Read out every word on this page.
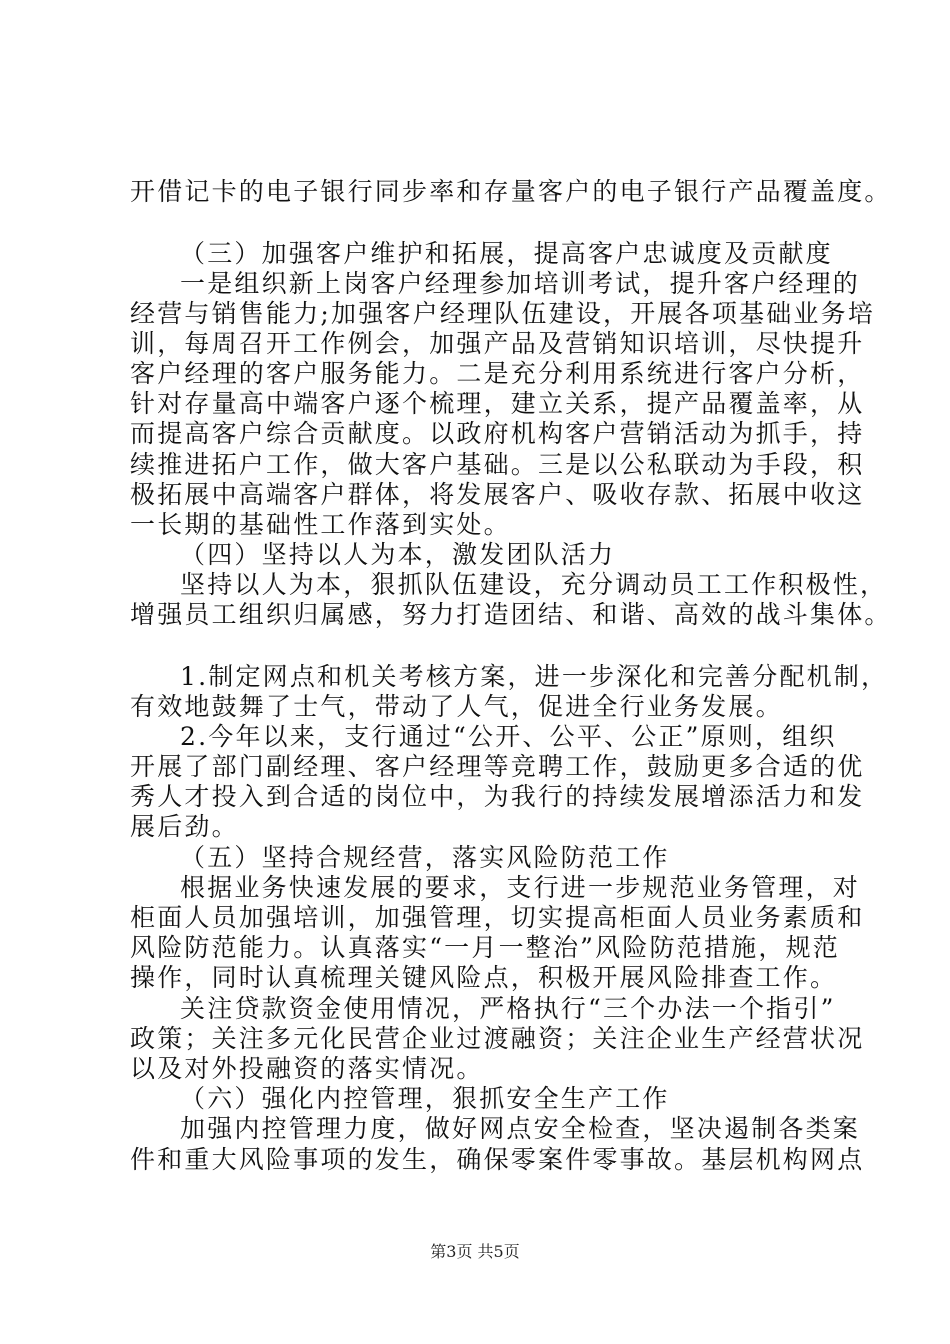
开借记卡的电子银行同步率和存量客户的电子银行产品覆盖度。
（三）加强客户维护和拓展，提高客户忠诚度及贡献度
一是组织新上岗客户经理参加培训考试，提升客户经理的
经营与销售能力;加强客户经理队伍建设，开展各项基础业务培
训，每周召开工作例会，加强产品及营销知识培训，尽快提升
客户经理的客户服务能力。二是充分利用系统进行客户分析，
针对存量高中端客户逐个梳理，建立关系，提产品覆盖率，从
而提高客户综合贡献度。以政府机构客户营销活动为抓手，持
续推进拓户工作，做大客户基础。三是以公私联动为手段，积
极拓展中高端客户群体，将发展客户、吸收存款、拓展中收这
一长期的基础性工作落到实处。
（四）坚持以人为本，激发团队活力
坚持以人为本，狠抓队伍建设，充分调动员工工作积极性，
增强员工组织归属感，努力打造团结、和谐、高效的战斗集体。
1.制定网点和机关考核方案，进一步深化和完善分配机制，
有效地鼓舞了士气，带动了人气，促进全行业务发展。
2.今年以来，支行通过“公开、公平、公正”原则，组织
开展了部门副经理、客户经理等竞聘工作，鼓励更多合适的优
秀人才投入到合适的岗位中，为我行的持续发展增添活力和发
展后劲。
（五）坚持合规经营，落实风险防范工作
根据业务快速发展的要求，支行进一步规范业务管理，对
柜面人员加强培训，加强管理，切实提高柜面人员业务素质和
风险防范能力。认真落实“一月一整治”风险防范措施，规范
操作，同时认真梳理关键风险点，积极开展风险排查工作。
关注贷款资金使用情况，严格执行“三个办法一个指引”
政策；关注多元化民营企业过渡融资；关注企业生产经营状况
以及对外投融资的落实情况。
（六）强化内控管理，狠抓安全生产工作
加强内控管理力度，做好网点安全检查，坚决遏制各类案
件和重大风险事项的发生，确保零案件零事故。基层机构网点
第3页 共5页
